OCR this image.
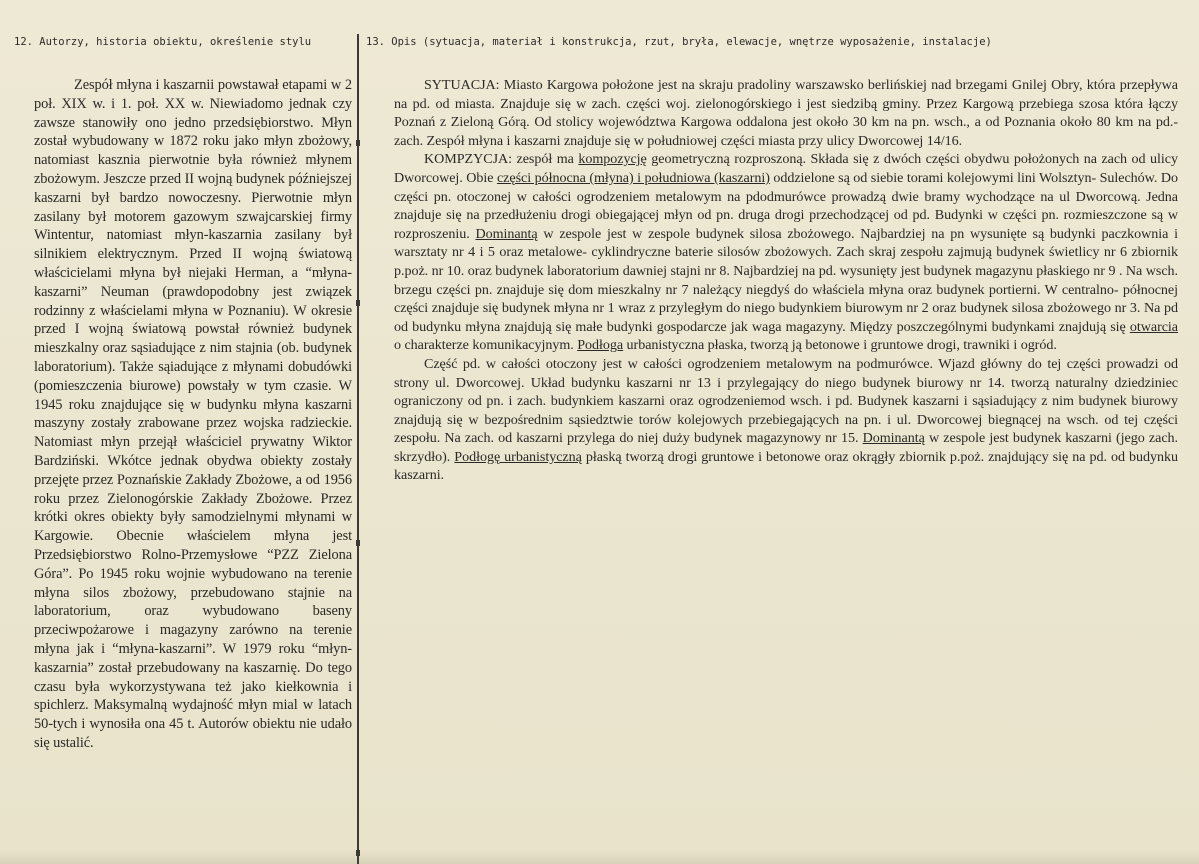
12. Autorzy, historia obiektu, określenie stylu	13. Opis (sytuacja, materiał i konstrukcja, rzut, bryła, elewacje, wnętrze wyposażenie, instalacje)

Zespół młyna i kaszarnii powstawał etapami w 2 poł. XIX w. i 1. poł. XX w. Niewiadomo jednak czy zawsze stanowiły ono jedno przedsiębiorstwo. Młyn został wybudowany w 1872 roku jako młyn zbożowy, natomiast kasznia pierwotnie była również młynem zbożowym. Jeszcze przed II wojną budynek późniejszej kaszarni był bardzo nowoczesny. Pierwotnie młyn zasilany był motorem gazowym szwajcarskiej firmy Wintentur, natomiast młyn-kaszarnia zasilany był silnikiem elektrycznym. Przed II wojną światową właścicielami młyna był niejaki Herman, a “młyna- kaszarni” Neuman (prawdopodobny jest związek rodzinny z właścielami młyna w Poznaniu). W okresie przed I wojną światową powstał również budynek mieszkalny oraz sąsiadujące z nim stajnia (ob. budynek laboratorium). Także sąiadujące z młynami dobudówki (pomieszczenia biurowe) powstały w tym czasie. W 1945 roku znajdujące się w budynku młyna kaszarni maszyny zostały zrabowane przez wojska radzieckie. Natomiast młyn przejął właściciel prywatny Wiktor Bardziński. Wkótce jednak obydwa obiekty zostały przejęte przez Poznańskie Zakłady Zbożowe, a od 1956 roku przez Zielonogórskie Zakłady Zbożowe. Przez krótki okres obiekty były samodzielnymi młynami w Kargowie. Obecnie właścielem młyna jest Przedsiębiorstwo Rolno-Przemysłowe “PZZ Zielona Góra”. Po 1945 roku wojnie wybudowano na terenie młyna silos zbożowy, przebudowano stajnie na laboratorium, oraz wybudowano baseny przeciwpożarowe i magazyny zarówno na terenie młyna jak i “młyna-kaszarni”. W 1979 roku “młyn- kaszarnia” został przebudowany na kaszarnię. Do tego czasu była wykorzystywana też jako kiełkownia i spichlerz. Maksymalną wydajność młyn mial w latach 50-tych i wynosiła ona 45 t. Autorów obiektu nie udało się ustalić.

SYTUACJA: Miasto Kargowa położone jest na skraju pradoliny warszawsko berlińskiej nad brzegami Gnilej Obry, która przepływa na pd. od miasta. Znajduje się w zach. części woj. zielonogórskiego i jest siedzibą gminy. Przez Kargową przebiega szosa która łączy Poznań z Zieloną Górą. Od stolicy województwa Kargowa oddalona jest około 30 km na pn. wsch., a od Poznania około 80 km na pd.- zach. Zespół młyna i kaszarni znajduje się w południowej części miasta przy ulicy Dworcowej 14/16.

KOMPZYCJA: zespół ma kompozycję geometryczną rozproszoną. Składa się z dwóch części obydwu położonych na zach od ulicy Dworcowej. Obie części północna (młyna) i południowa (kaszarni) oddzielone są od siebie torami kolejowymi lini Wolsztyn- Sulechów. Do części pn. otoczonej w całości ogrodzeniem metalowym na pdodmurówce prowadzą dwie bramy wychodzące na ul Dworcową. Jedna znajduje się na przedłużeniu drogi obiegającej młyn od pn. druga drogi przechodzącej od pd. Budynki w części pn. rozmieszczone są w rozproszeniu. Dominantą w zespole jest w zespole budynek silosa zbożowego. Najbardziej na pn wysunięte są budynki paczkownia i warsztaty nr 4 i 5 oraz metalowe- cyklindryczne baterie silosów zbożowych. Zach skraj zespołu zajmują budynek świetlicy nr 6 zbiornik p.poż. nr 10. oraz budynek laboratorium dawniej stajni nr 8. Najbardziej na pd. wysunięty jest budynek magazynu płaskiego nr 9 . Na wsch. brzegu części pn. znajduje się dom mieszkalny nr 7 należący niegdyś do właściela młyna oraz budynek portierni. W centralno- północnej części znajduje się budynek młyna nr 1 wraz z przyległym do niego budynkiem biurowym nr 2 oraz budynek silosa zbożowego nr 3. Na pd od budynku młyna znajdują się małe budynki gospodarcze jak waga magazyny. Między poszczególnymi budynkami znajdują się otwarcia o charakterze komunikacyjnym. Podłoga urbanistyczna płaska, tworzą ją betonowe i gruntowe drogi, trawniki i ogród.

Część pd. w całości otoczony jest w całości ogrodzeniem metalowym na podmurówce. Wjazd główny do tej części prowadzi od strony ul. Dworcowej. Układ budynku kaszarni nr 13 i przylegający do niego budynek biurowy nr 14. tworzą naturalny dziedziniec ograniczony od pn. i zach. budynkiem kaszarni oraz ogrodzeniemod wsch. i pd. Budynek kaszarni i sąsiadujący z nim budynek biurowy znajdują się w bezpośrednim sąsiedztwie torów kolejowych przebiegających na pn. i ul. Dworcowej biegnącej na wsch. od tej części zespołu. Na zach. od kaszarni przylega do niej duży budynek magazynowy nr 15. Dominantą w zespole jest budynek kaszarni (jego zach. skrzydło). Podłogę urbanistyczną płaską tworzą drogi gruntowe i betonowe oraz okrągły zbiornik p.poż. znajdujący się na pd. od budynku kaszarni.
